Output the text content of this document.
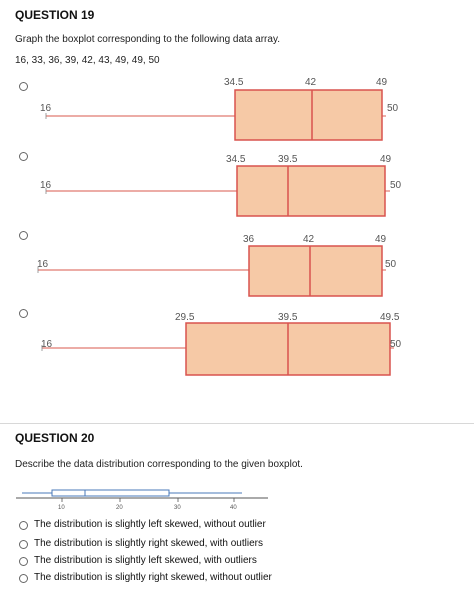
QUESTION 19
Graph the boxplot corresponding to the following data array.
16, 33, 36, 39, 42, 43, 49, 49, 50
16
34.5	42	49
50
16
34.5	39.5	49
50
16
36	42	49
50
16
29.5	39.5	49.5
50
QUESTION 20
Describe the data distribution corresponding to the given boxplot.
10	20	30	40
The distribution is slightly left skewed, without outlier
The distribution is slightly right skewed, with outliers
The distribution is slightly left skewed, with outliers
The distribution is slightly right skewed, without outlier
